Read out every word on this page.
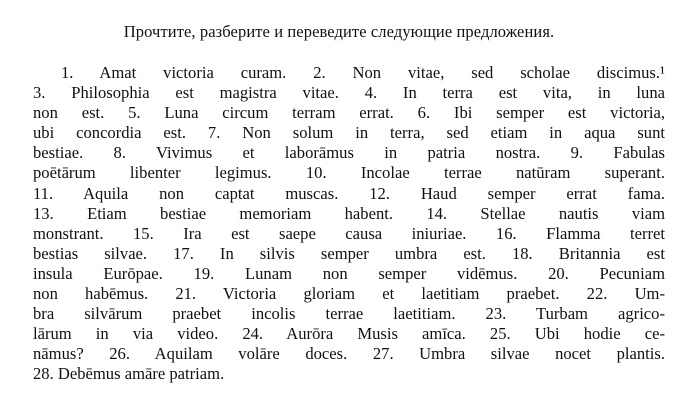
Прочтите, разберите и переведите следующие предложения.
1. Amat victoria curam. 2. Non vitae, sed scholae discimus.¹
3. Philosophia est magistra vitae. 4. In terra est vita, in luna
non est. 5. Luna circum terram errat. 6. Ibi semper est victoria,
ubi concordia est. 7. Non solum in terra, sed etiam in aqua sunt
bestiae. 8. Vivimus et laborāmus in patria nostra. 9. Fabulas
poētārum libenter legimus. 10. Incolae terrae natūram superant.
11. Aquila non captat muscas. 12. Haud semper errat fama.
13. Etiam bestiae memoriam habent. 14. Stellae nautis viam
monstrant. 15. Ira est saepe causa iniuriae. 16. Flamma terret
bestias silvae. 17. In silvis semper umbra est. 18. Britannia est
insula Eurōpae. 19. Lunam non semper vidēmus. 20. Pecuniam
non habēmus. 21. Victoria gloriam et laetitiam praebet. 22. Um-
bra silvārum praebet incolis terrae laetitiam. 23. Turbam agrico-
lārum in via video. 24. Aurōra Musis amīca. 25. Ubi hodie ce-
nāmus? 26. Aquilam volāre doces. 27. Umbra silvae nocet plantis.
28. Debēmus amāre patriam.
